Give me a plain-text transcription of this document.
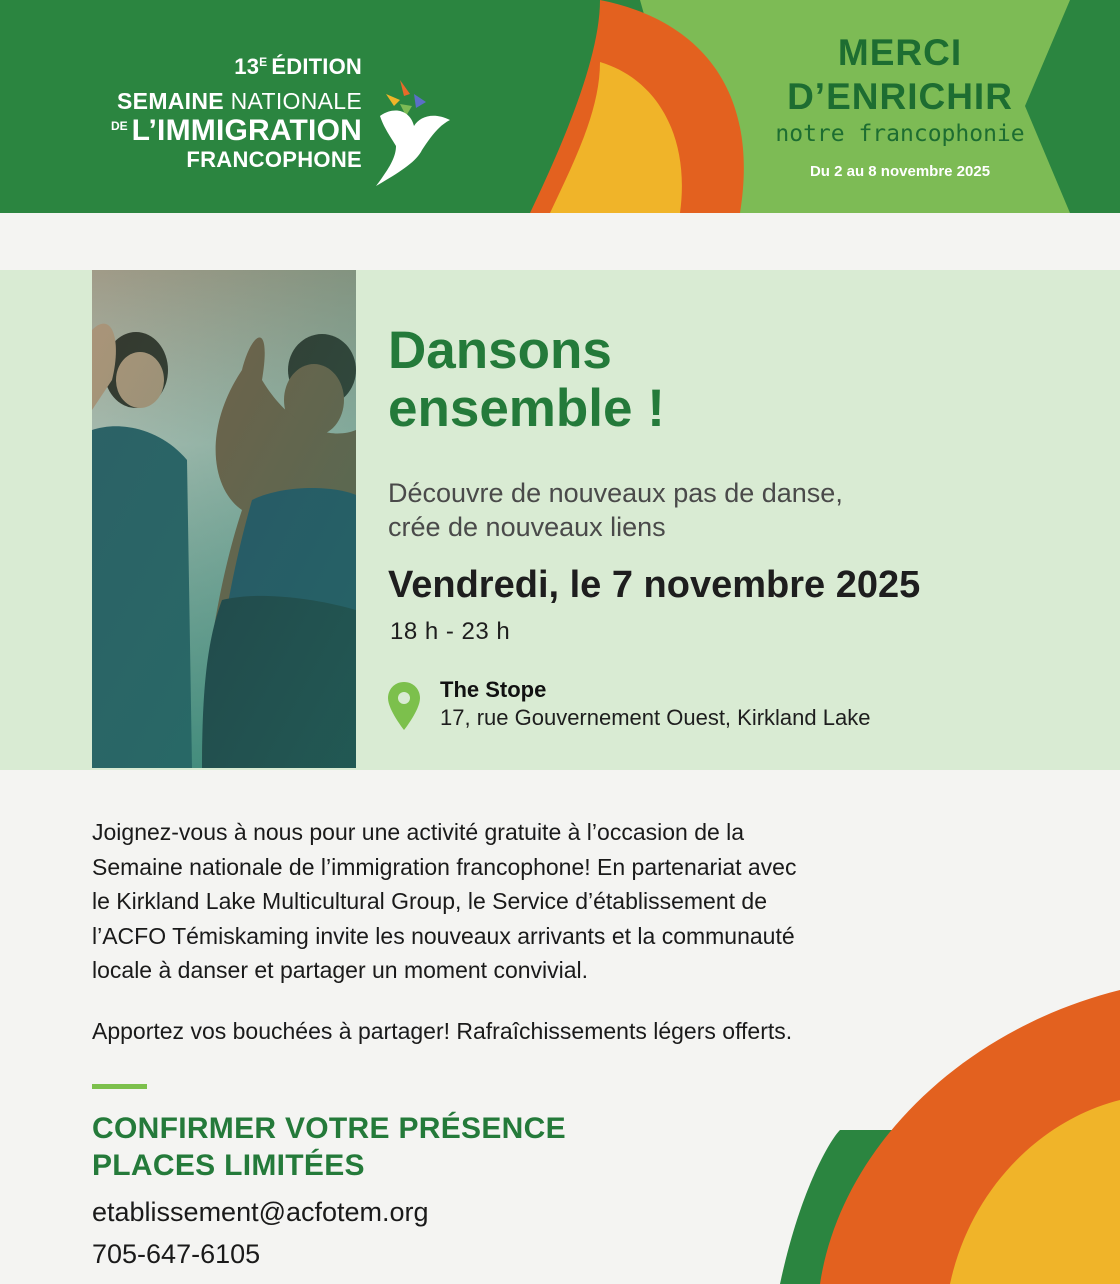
$13^E$ ÉDITION
SEMAINE NATIONALE
$^{DE}$ L’IMMIGRATION
FRANCOPHONE
MERCI
D’ENRICHIR
notre francophonie
Du 2 au 8 novembre 2025
Dansons
ensemble !
Découvre de nouveaux pas de danse,
crée de nouveaux liens
Vendredi, le 7 novembre 2025
18 h - 23 h
The Stope
17, rue Gouvernement Ouest, Kirkland Lake
Joignez-vous à nous pour une activité gratuite à l’occasion de la
Semaine nationale de l’immigration francophone! En partenariat avec
le Kirkland Lake Multicultural Group, le Service d’établissement de
l’ACFO Témiskaming invite les nouveaux arrivants et la communauté
locale à danser et partager un moment convivial.
Apportez vos bouchées à partager! Rafraîchissements légers offerts.
CONFIRMER VOTRE PRÉSENCE
PLACES LIMITÉES
etablissement@acfotem.org
705-647-6105
